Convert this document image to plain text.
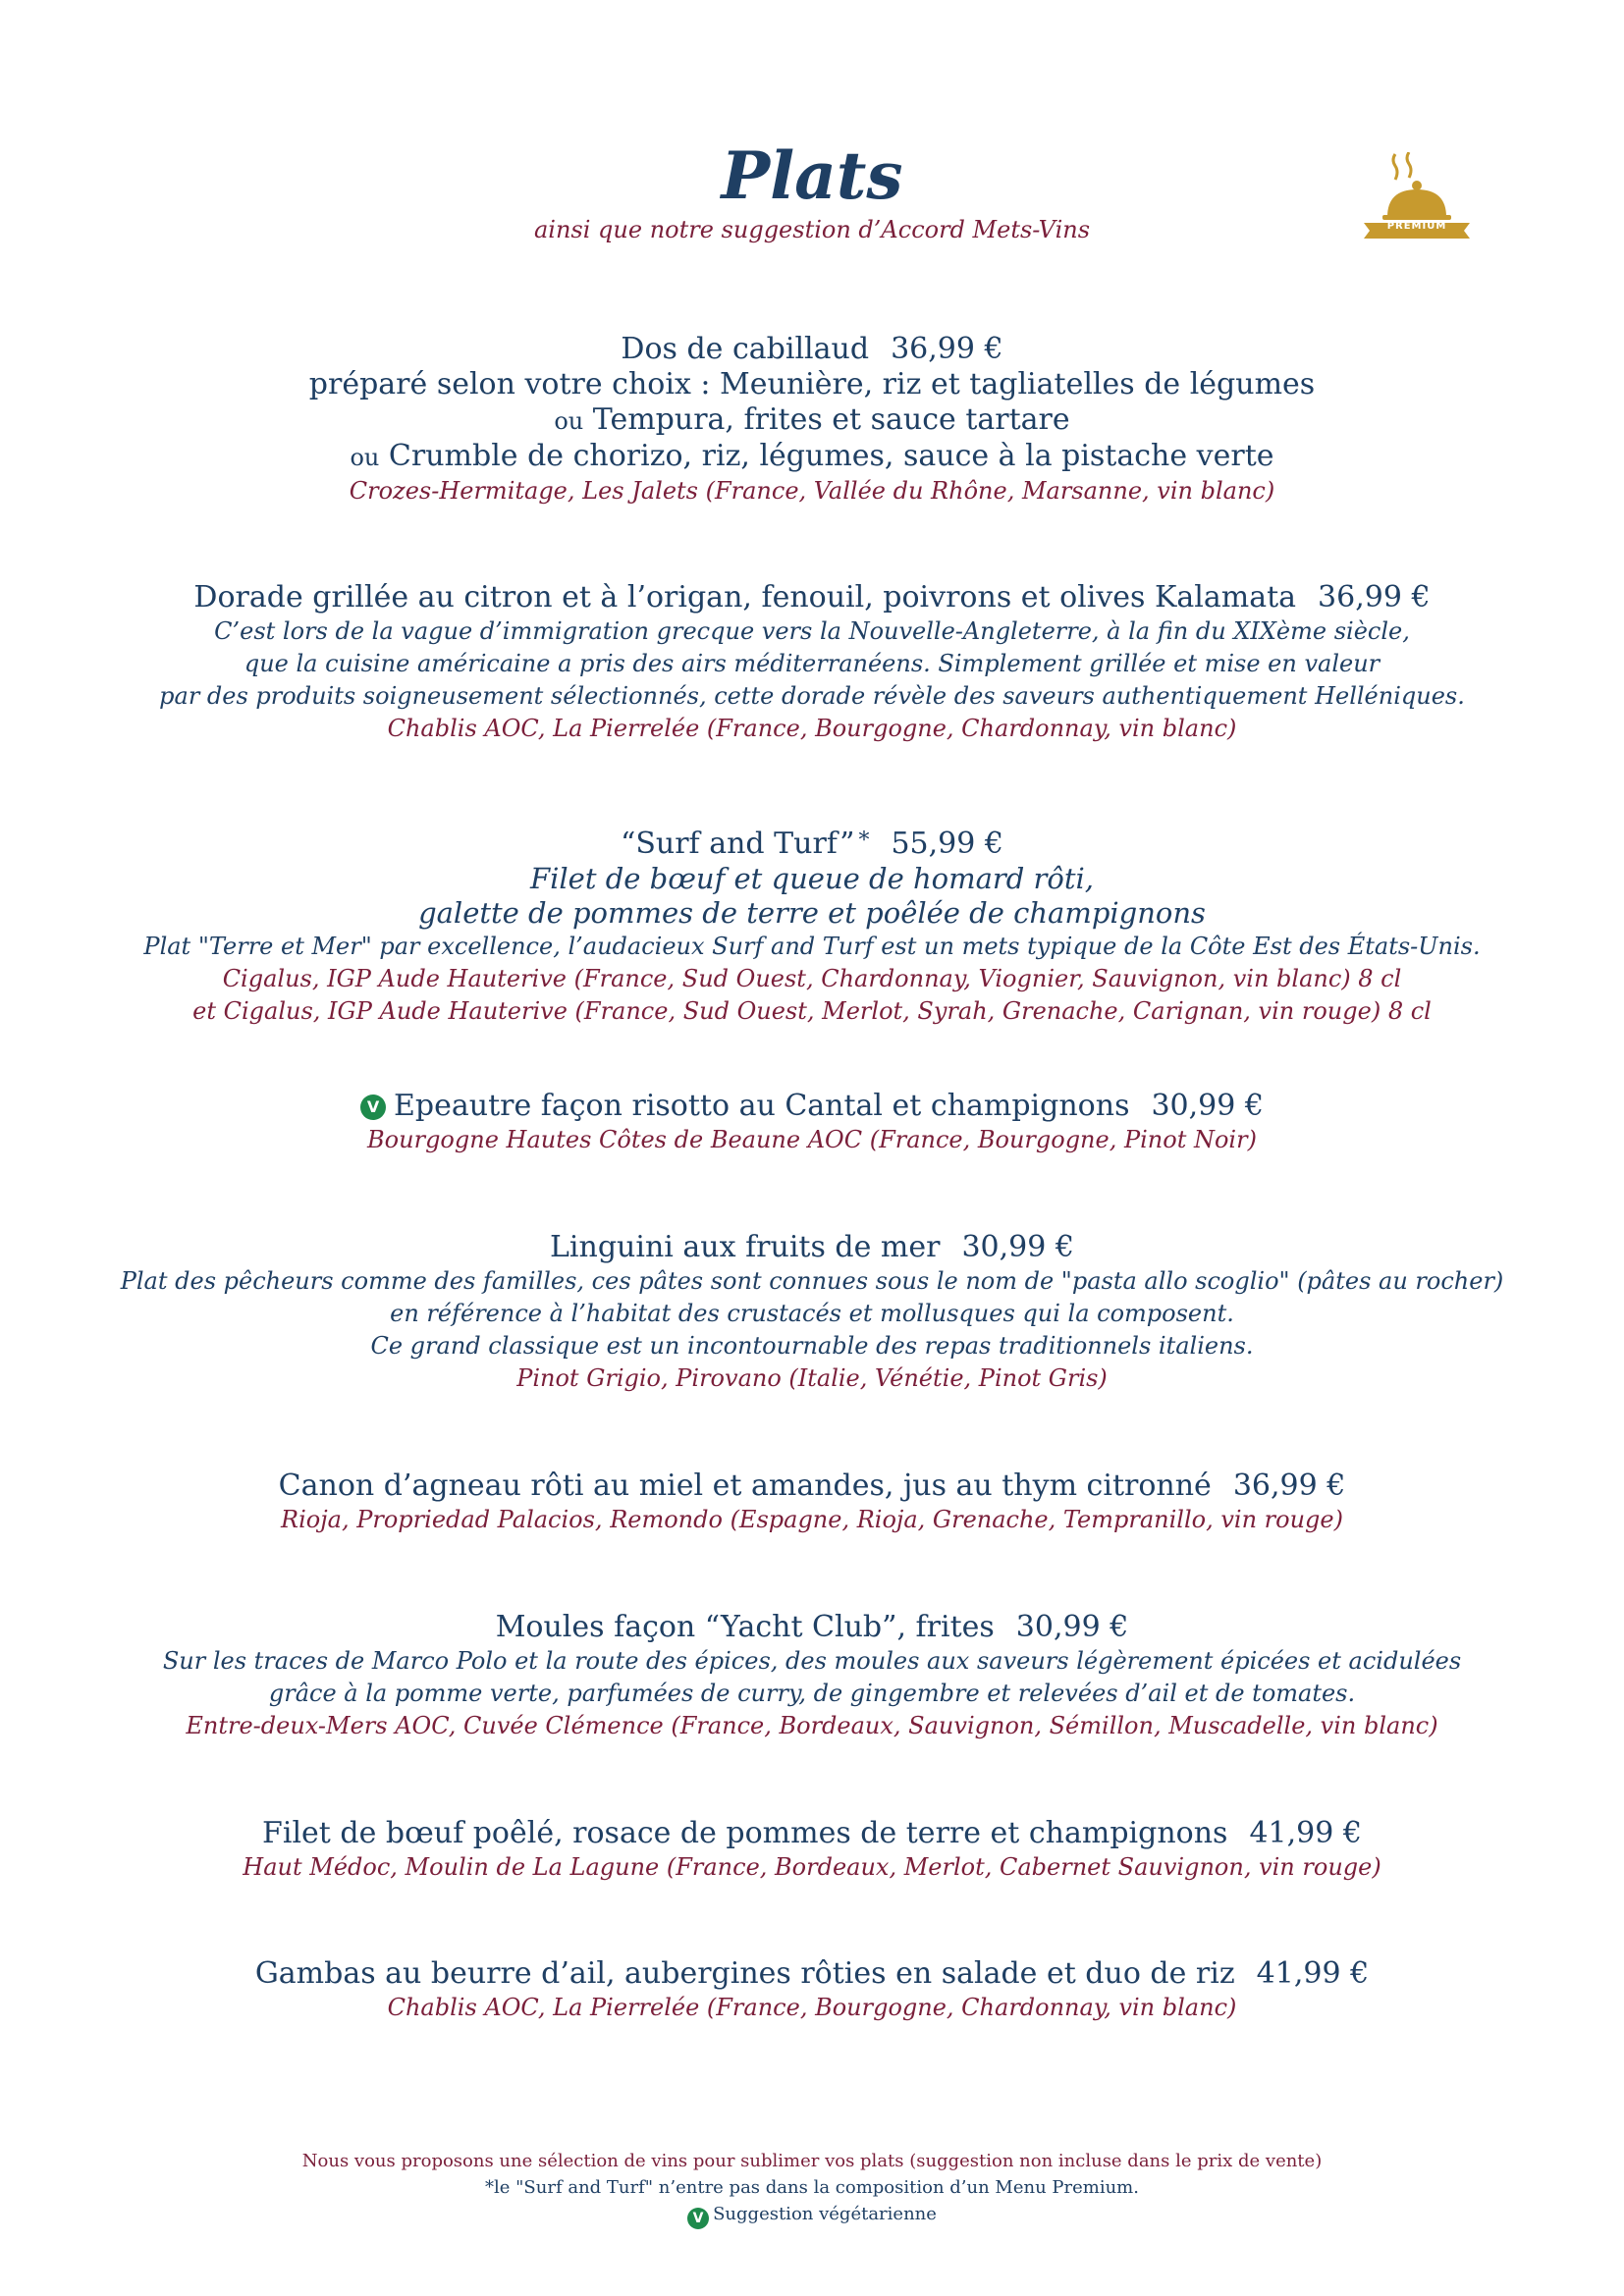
Plats
ainsi que notre suggestion d’Accord Mets-Vins	PREMIUM
Dos de cabillaud 36,99 €
préparé selon votre choix : Meunière, riz et tagliatelles de légumes
ou Tempura, frites et sauce tartare
ou Crumble de chorizo, riz, légumes, sauce à la pistache verte
Crozes-Hermitage, Les Jalets (France, Vallée du Rhône, Marsanne, vin blanc)
Dorade grillée au citron et à l’origan, fenouil, poivrons et olives Kalamata 36,99 €
C’est lors de la vague d’immigration grecque vers la Nouvelle-Angleterre, à la fin du XIXème siècle,
que la cuisine américaine a pris des airs méditerranéens. Simplement grillée et mise en valeur
par des produits soigneusement sélectionnés, cette dorade révèle des saveurs authentiquement Helléniques.
Chablis AOC, La Pierrelée (France, Bourgogne, Chardonnay, vin blanc)
“Surf and Turf” * 55,99 €
Filet de bœuf et queue de homard rôti,
galette de pommes de terre et poêlée de champignons
Plat "Terre et Mer" par excellence, l’audacieux Surf and Turf est un mets typique de la Côte Est des États-Unis.
Cigalus, IGP Aude Hauterive (France, Sud Ouest, Chardonnay, Viognier, Sauvignon, vin blanc) 8 cl
et Cigalus, IGP Aude Hauterive (France, Sud Ouest, Merlot, Syrah, Grenache, Carignan, vin rouge) 8 cl
V Epeautre façon risotto au Cantal et champignons 30,99 €
Bourgogne Hautes Côtes de Beaune AOC (France, Bourgogne, Pinot Noir)
Linguini aux fruits de mer 30,99 €
Plat des pêcheurs comme des familles, ces pâtes sont connues sous le nom de "pasta allo scoglio" (pâtes au rocher)
en référence à l’habitat des crustacés et mollusques qui la composent.
Ce grand classique est un incontournable des repas traditionnels italiens.
Pinot Grigio, Pirovano (Italie, Vénétie, Pinot Gris)
Canon d’agneau rôti au miel et amandes, jus au thym citronné 36,99 €
Rioja, Propriedad Palacios, Remondo (Espagne, Rioja, Grenache, Tempranillo, vin rouge)
Moules façon “Yacht Club”, frites 30,99 €
Sur les traces de Marco Polo et la route des épices, des moules aux saveurs légèrement épicées et acidulées
grâce à la pomme verte, parfumées de curry, de gingembre et relevées d’ail et de tomates.
Entre-deux-Mers AOC, Cuvée Clémence (France, Bordeaux, Sauvignon, Sémillon, Muscadelle, vin blanc)
Filet de bœuf poêlé, rosace de pommes de terre et champignons 41,99 €
Haut Médoc, Moulin de La Lagune (France, Bordeaux, Merlot, Cabernet Sauvignon, vin rouge)
Gambas au beurre d’ail, aubergines rôties en salade et duo de riz 41,99 €
Chablis AOC, La Pierrelée (France, Bourgogne, Chardonnay, vin blanc)
Nous vous proposons une sélection de vins pour sublimer vos plats (suggestion non incluse dans le prix de vente)
*le "Surf and Turf" n’entre pas dans la composition d’un Menu Premium.
V Suggestion végétarienne
